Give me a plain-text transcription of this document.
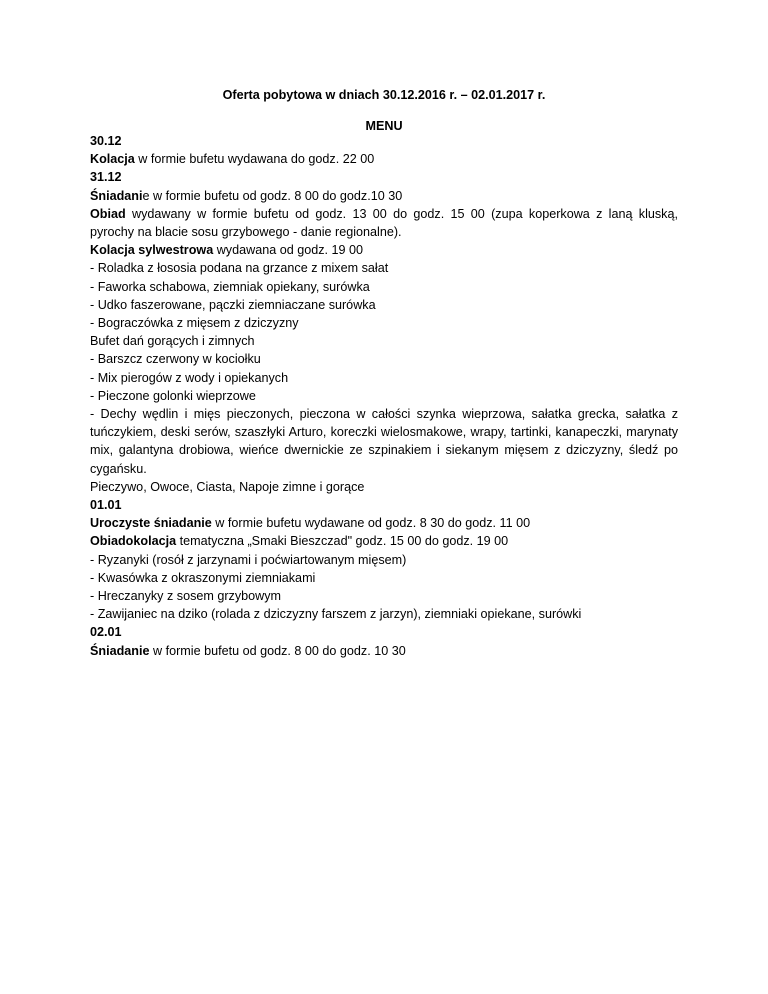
Oferta pobytowa w dniach 30.12.2016 r. – 02.01.2017 r.
MENU
30.12
Kolacja w formie bufetu wydawana do godz. 22 00
31.12
Śniadanie w formie bufetu od godz. 8 00 do godz.10 30
Obiad wydawany w formie bufetu od godz. 13 00 do godz. 15 00 (zupa koperkowa z laną kluską, pyrochy na blacie sosu grzybowego - danie regionalne).
Kolacja sylwestrowa wydawana od godz. 19 00
- Roladka z łososia podana na grzance z mixem sałat
- Faworka schabowa, ziemniak opiekany, surówka
- Udko faszerowane, pączki ziemniaczane surówka
- Bograczówka z mięsem z dziczyzny
Bufet dań gorących i zimnych
- Barszcz czerwony w kociołku
- Mix pierogów z wody i opiekanych
- Pieczone golonki wieprzowe
- Dechy wędlin i mięs pieczonych, pieczona w całości szynka wieprzowa, sałatka grecka, sałatka z tuńczykiem, deski serów, szaszłyki Arturo, koreczki wielosmakowe, wrapy, tartinki, kanapeczki, marynaty mix, galantyna drobiowa, wieńce dwernickie ze szpinakiem i siekanym mięsem z dziczyzny, śledź po cygańsku.
Pieczywo, Owoce, Ciasta, Napoje zimne i gorące
01.01
Uroczyste śniadanie w formie bufetu wydawane od godz. 8 30 do godz. 11 00
Obiadokolacja tematyczna „Smaki Bieszczad" godz. 15 00 do godz. 19 00
- Ryzanyki (rosół z jarzynami i poćwiartowanym mięsem)
- Kwasówka z okraszonymi ziemniakami
- Hreczanyky z sosem grzybowym
- Zawijaniec na dziko (rolada z dziczyzny farszem z jarzyn), ziemniaki opiekane, surówki
02.01
Śniadanie w formie bufetu od godz. 8 00 do godz. 10 30
